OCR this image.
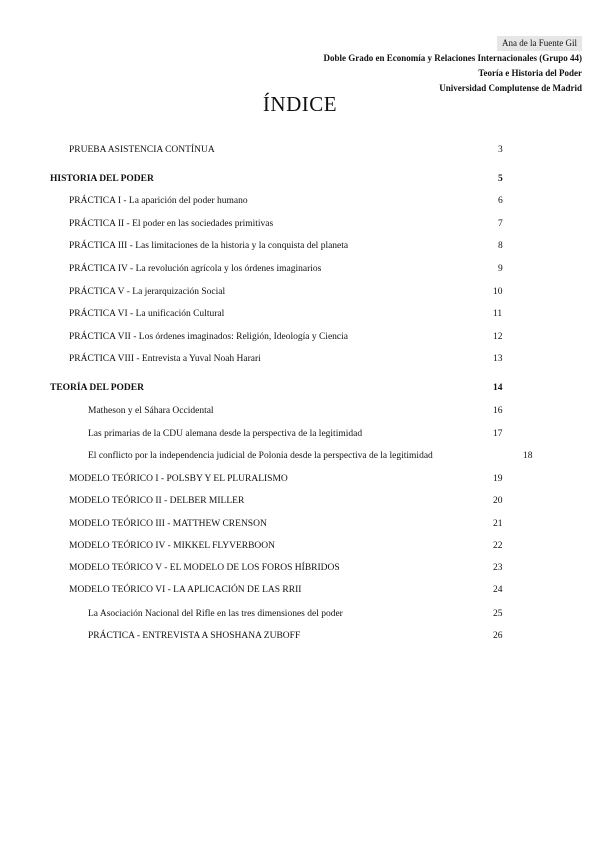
Ana de la Fuente Gil
Doble Grado en Economía y Relaciones Internacionales (Grupo 44)
Teoría e Historia del Poder
Universidad Complutense de Madrid
ÍNDICE
PRUEBA ASISTENCIA CONTÍNUA	3
HISTORIA DEL PODER	5
PRÁCTICA I - La aparición del poder humano	6
PRÁCTICA II - El poder en las sociedades primitivas	7
PRÁCTICA III - Las limitaciones de la historia y la conquista del planeta	8
PRÁCTICA IV - La revolución agrícola y los órdenes imaginarios	9
PRÁCTICA V - La jerarquización Social	10
PRÁCTICA VI - La unificación Cultural	11
PRÁCTICA VII - Los órdenes imaginados: Religión, Ideología y Ciencia	12
PRÁCTICA VIII - Entrevista a Yuval Noah Harari	13
TEORÍA DEL PODER	14
Matheson y el Sáhara Occidental	16
Las primarias de la CDU alemana desde la perspectiva de la legitimidad	17
El conflicto por la independencia judicial de Polonia desde la perspectiva de la legitimidad	18
MODELO TEÓRICO I - POLSBY Y EL PLURALISMO	19
MODELO TEÓRICO II - DELBER MILLER	20
MODELO TEÓRICO III - MATTHEW CRENSON	21
MODELO TEÓRICO IV - MIKKEL FLYVERBOON	22
MODELO TEÓRICO V - EL MODELO DE LOS FOROS HÍBRIDOS	23
MODELO TEÓRICO VI - LA APLICACIÓN DE LAS RRII	24
La Asociación Nacional del Rifle en las tres dimensiones del poder	25
PRÁCTICA - ENTREVISTA A SHOSHANA ZUBOFF	26
